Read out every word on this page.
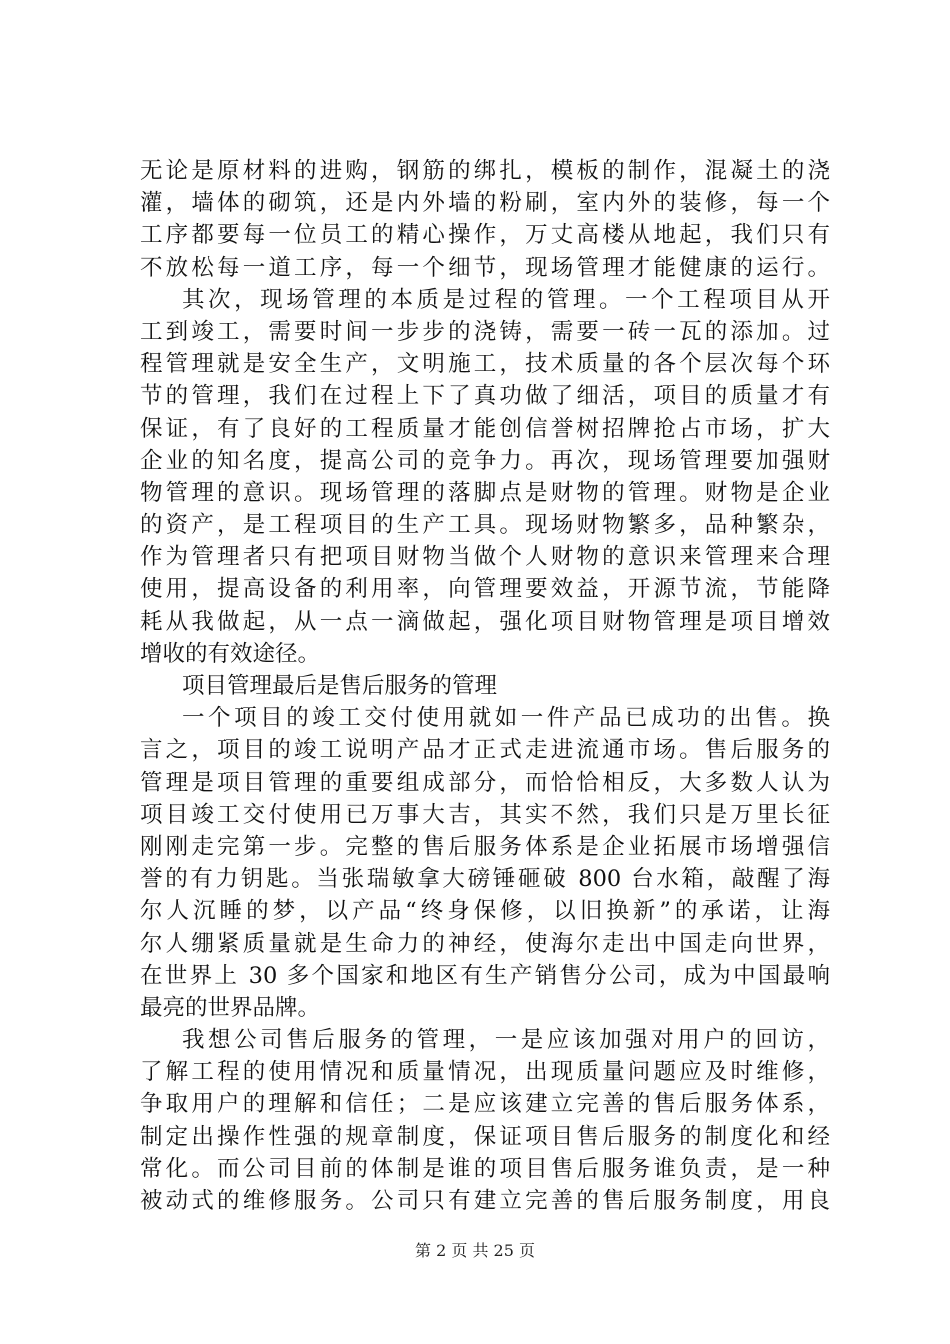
无论是原材料的进购，钢筋的绑扎，模板的制作，混凝土的浇
灌，墙体的砌筑，还是内外墙的粉刷，室内外的装修，每一个
工序都要每一位员工的精心操作，万丈高楼从地起，我们只有
不放松每一道工序，每一个细节，现场管理才能健康的运行。
其次，现场管理的本质是过程的管理。一个工程项目从开
工到竣工，需要时间一步步的浇铸，需要一砖一瓦的添加。过
程管理就是安全生产，文明施工，技术质量的各个层次每个环
节的管理，我们在过程上下了真功做了细活，项目的质量才有
保证，有了良好的工程质量才能创信誉树招牌抢占市场，扩大
企业的知名度，提高公司的竞争力。再次，现场管理要加强财
物管理的意识。现场管理的落脚点是财物的管理。财物是企业
的资产，是工程项目的生产工具。现场财物繁多，品种繁杂，
作为管理者只有把项目财物当做个人财物的意识来管理来合理
使用，提高设备的利用率，向管理要效益，开源节流，节能降
耗从我做起，从一点一滴做起，强化项目财物管理是项目增效
增收的有效途径。
项目管理最后是售后服务的管理
一个项目的竣工交付使用就如一件产品已成功的出售。换
言之，项目的竣工说明产品才正式走进流通市场。售后服务的
管理是项目管理的重要组成部分，而恰恰相反，大多数人认为
项目竣工交付使用已万事大吉，其实不然，我们只是万里长征
刚刚走完第一步。完整的售后服务体系是企业拓展市场增强信
誉的有力钥匙。当张瑞敏拿大磅锤砸破 800 台水箱，敲醒了海
尔人沉睡的梦，以产品“终身保修，以旧换新”的承诺，让海
尔人绷紧质量就是生命力的神经，使海尔走出中国走向世界，
在世界上 30 多个国家和地区有生产销售分公司，成为中国最响
最亮的世界品牌。
我想公司售后服务的管理，一是应该加强对用户的回访，
了解工程的使用情况和质量情况，出现质量问题应及时维修，
争取用户的理解和信任；二是应该建立完善的售后服务体系，
制定出操作性强的规章制度，保证项目售后服务的制度化和经
常化。而公司目前的体制是谁的项目售后服务谁负责，是一种
被动式的维修服务。公司只有建立完善的售后服务制度，用良
第 2 页 共 25 页
